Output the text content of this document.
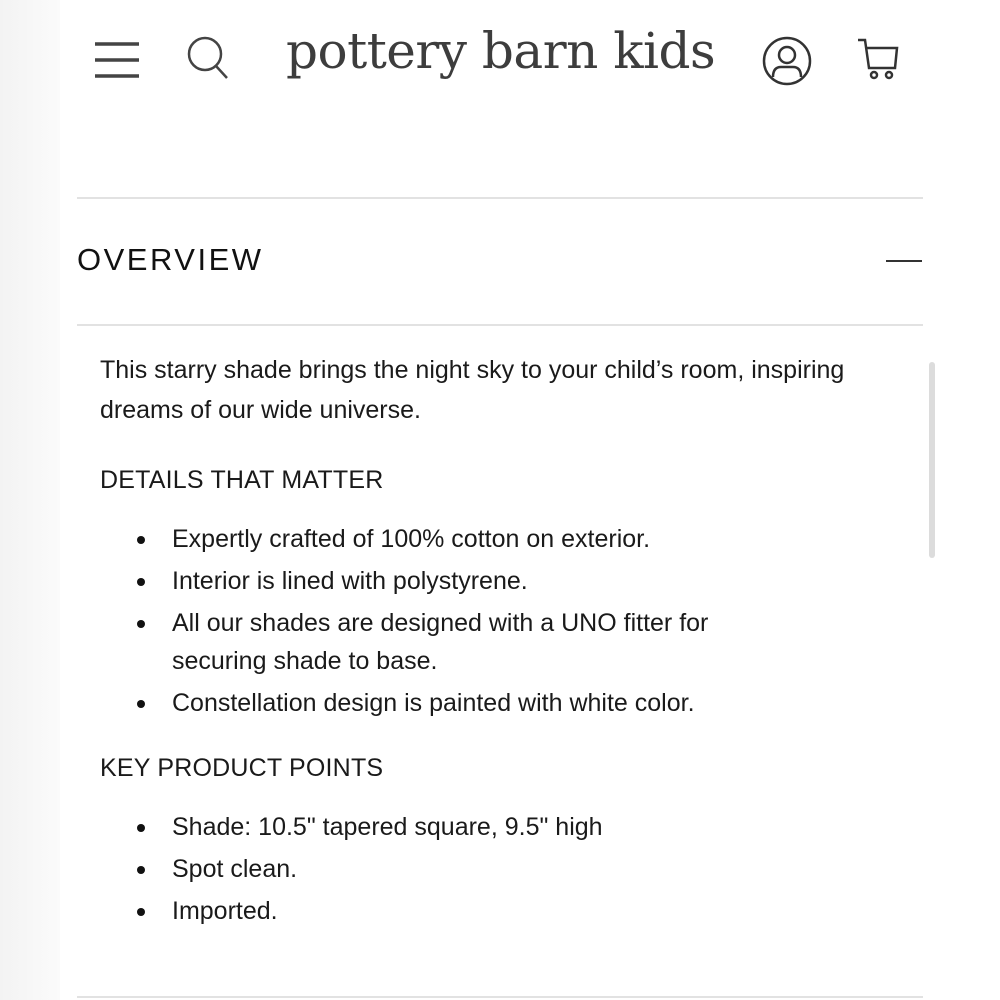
pottery barn kids
OVERVIEW

This starry shade brings the night sky to your child’s room, inspiring dreams of our wide universe.

DETAILS THAT MATTER
Expertly crafted of 100% cotton on exterior.
Interior is lined with polystyrene.
All our shades are designed with a UNO fitter for securing shade to base.
Constellation design is painted with white color.
KEY PRODUCT POINTS
Shade: 10.5" tapered square, 9.5" high
Spot clean.
Imported.
